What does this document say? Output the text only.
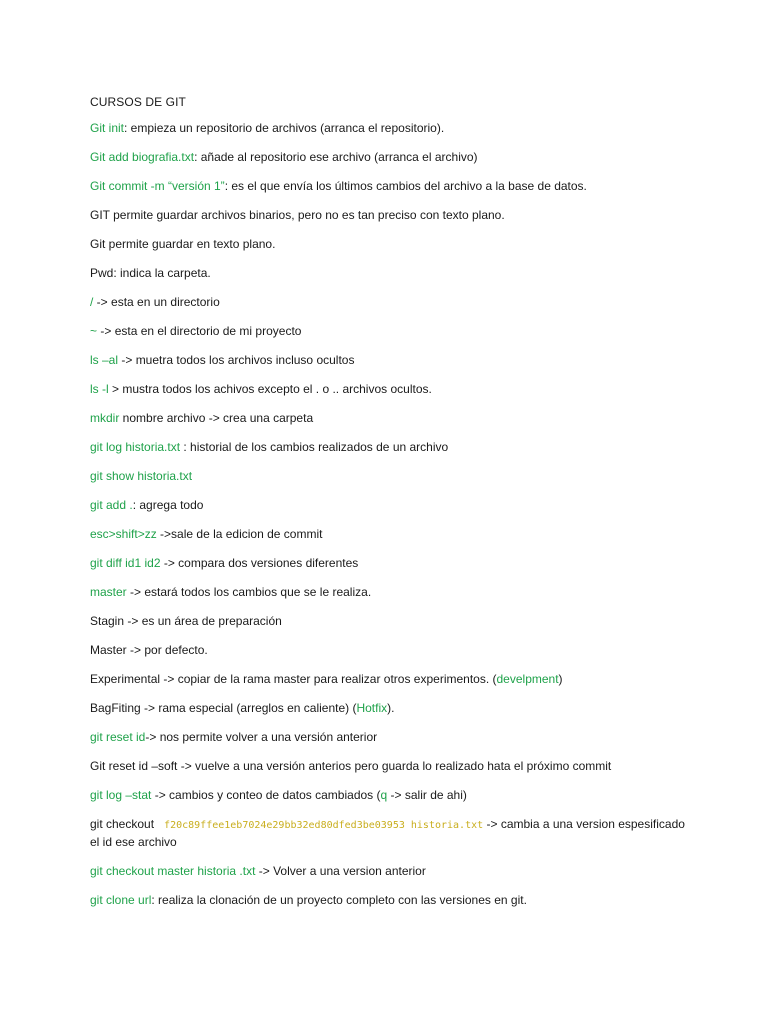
CURSOS DE GIT

Git init: empieza un repositorio de archivos (arranca el repositorio).

Git add biografia.txt: añade al repositorio ese archivo (arranca el archivo)

Git commit -m “versión 1”: es el que envía los últimos cambios del archivo a la base de datos.

GIT permite guardar archivos binarios, pero no es tan preciso con texto plano.

Git permite guardar en texto plano.

Pwd: indica la carpeta.

/ -> esta en un directorio

~ -> esta en el directorio de mi proyecto

ls –al -> muetra todos los archivos incluso ocultos

ls -l > mustra todos los achivos excepto el . o .. archivos ocultos.

mkdir nombre archivo -> crea una carpeta

git log historia.txt : historial de los cambios realizados de un archivo

git show historia.txt

git add .: agrega todo

esc>shift>zz ->sale de la edicion de commit

git diff id1 id2 -> compara dos versiones diferentes

master -> estará todos los cambios que se le realiza.

Stagin -> es un área de preparación

Master -> por defecto.

Experimental -> copiar de la rama master para realizar otros experimentos. (develpment)

BagFiting -> rama especial (arreglos en caliente) (Hotfix).

git reset id-> nos permite volver a una versión anterior

Git reset id –soft -> vuelve a una versión anterios pero guarda lo realizado hata el próximo commit

git log –stat -> cambios y conteo de datos cambiados (q -> salir de ahi)

git checkout f20c89ffee1eb7024e29bb32ed80dfed3be03953 historia.txt -> cambia a una version espesificado el id ese archivo

git checkout master historia .txt -> Volver a una version anterior

git clone url: realiza la clonación de un proyecto completo con las versiones en git.
